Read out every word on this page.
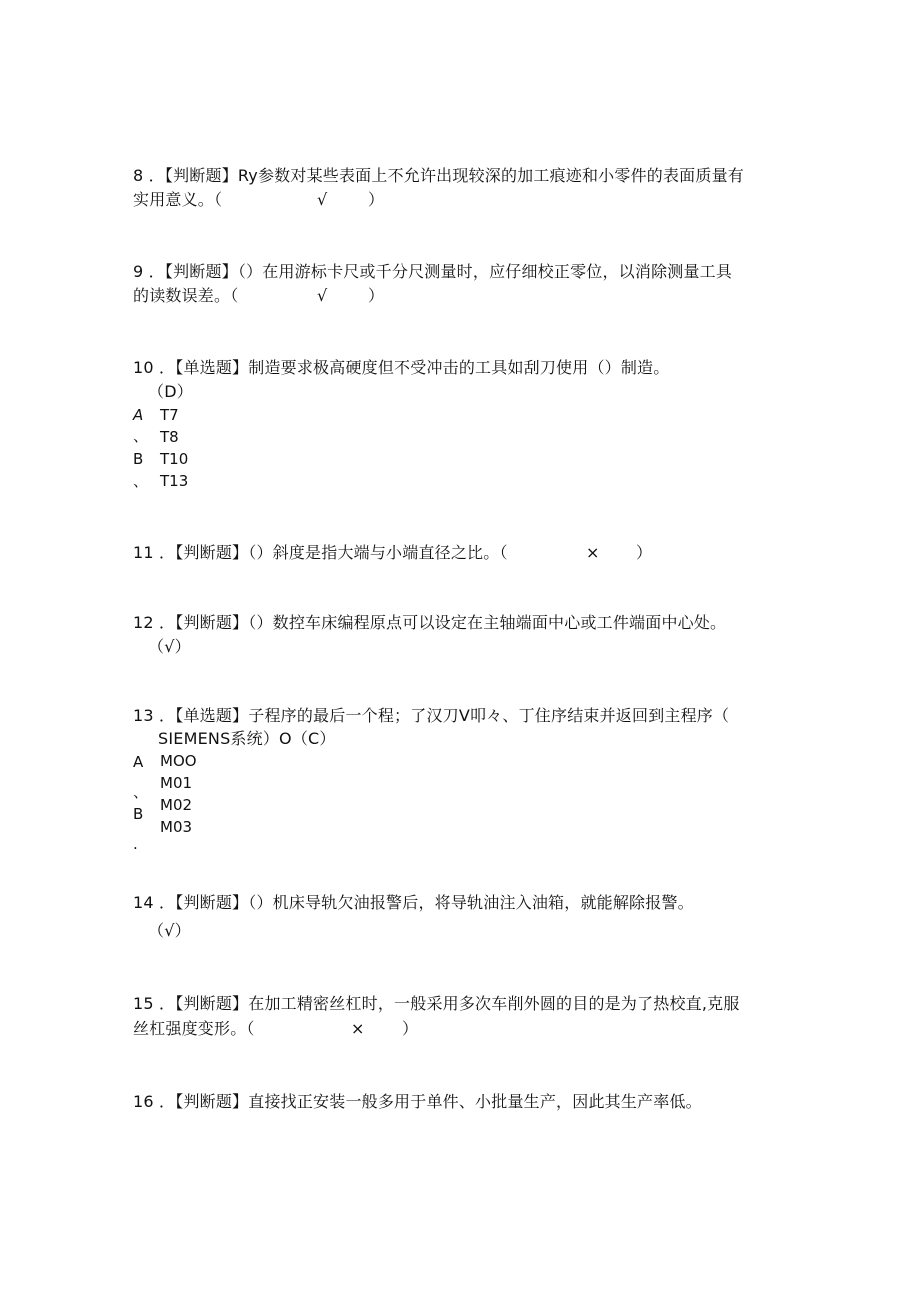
8 ．【判断题】Ry参数对某些表面上不允许出现较深的加工痕迹和小零件的表面质量有
实用意义。（	√	）
9 ．【判断题】（）在用游标卡尺或千分尺测量时，应仔细校正零位，以消除测量工具
的读数误差。（	√	）
10 ．【单选题】制造要求极高硬度但不受冲击的工具如刮刀使用（）制造。
（D）
A
、
B
、
T7
T8
T10
T13
11 ．【判断题】（）斜度是指大端与小端直径之比。（	× ）
12 ．【判断题】（）数控车床编程原点可以设定在主轴端面中心或工件端面中心处。
（√）
13 ．【单选题】子程序的最后一个程；了汉刀V叩々、丁住序结束并返回到主程序（
SIEMENS系统）O（C）
A
、
B
.
MOO
M01
M02
M03
14 ．【判断题】（）机床导轨欠油报警后，将导轨油注入油箱，就能解除报警。
（√）
15 ．【判断题】在加工精密丝杠时，一般采用多次车削外圆的目的是为了热校直,克服
丝杠强度变形。（	× ）
16 ．【判断题】直接找正安装一般多用于单件、小批量生产，因此其生产率低。
